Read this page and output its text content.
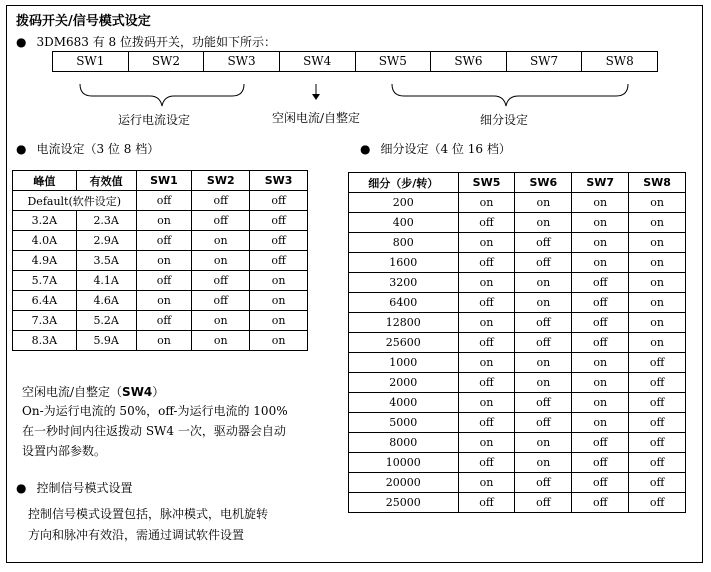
拨码开关/信号模式设定
● 3DM683 有 8 位拨码开关，功能如下所示：
SW1	SW2	SW3	SW4	SW5	SW6	SW7	SW8
运行电流设定	空闲电流/自整定	细分设定
● 电流设定（3 位 8 档）	● 细分设定（4 位 16 档）
峰值	有效值	SW1	SW2	SW3
Default(软件设定)		off	off	off
3.2A	2.3A	on	off	off
4.0A	2.9A	off	on	off
4.9A	3.5A	on	on	off
5.7A	4.1A	off	off	on
6.4A	4.6A	on	off	on
7.3A	5.2A	off	on	on
8.3A	5.9A	on	on	on
细分（步/转）	SW5	SW6	SW7	SW8
200	on	on	on	on
400	off	on	on	on
800	on	off	on	on
1600	off	off	on	on
3200	on	on	off	on
6400	off	on	off	on
12800	on	off	off	on
25600	off	off	off	on
1000	on	on	on	off
2000	off	on	on	off
4000	on	off	on	off
5000	off	off	on	off
8000	on	on	off	off
10000	off	on	off	off
20000	on	off	off	off
25000	off	off	off	off
空闲电流/自整定（SW4）
On-为运行电流的 50%，off-为运行电流的 100%
在一秒时间内往返拨动 SW4 一次，驱动器会自动
设置内部参数。
● 控制信号模式设置
控制信号模式设置包括，脉冲模式，电机旋转
方向和脉冲有效沿，需通过调试软件设置
